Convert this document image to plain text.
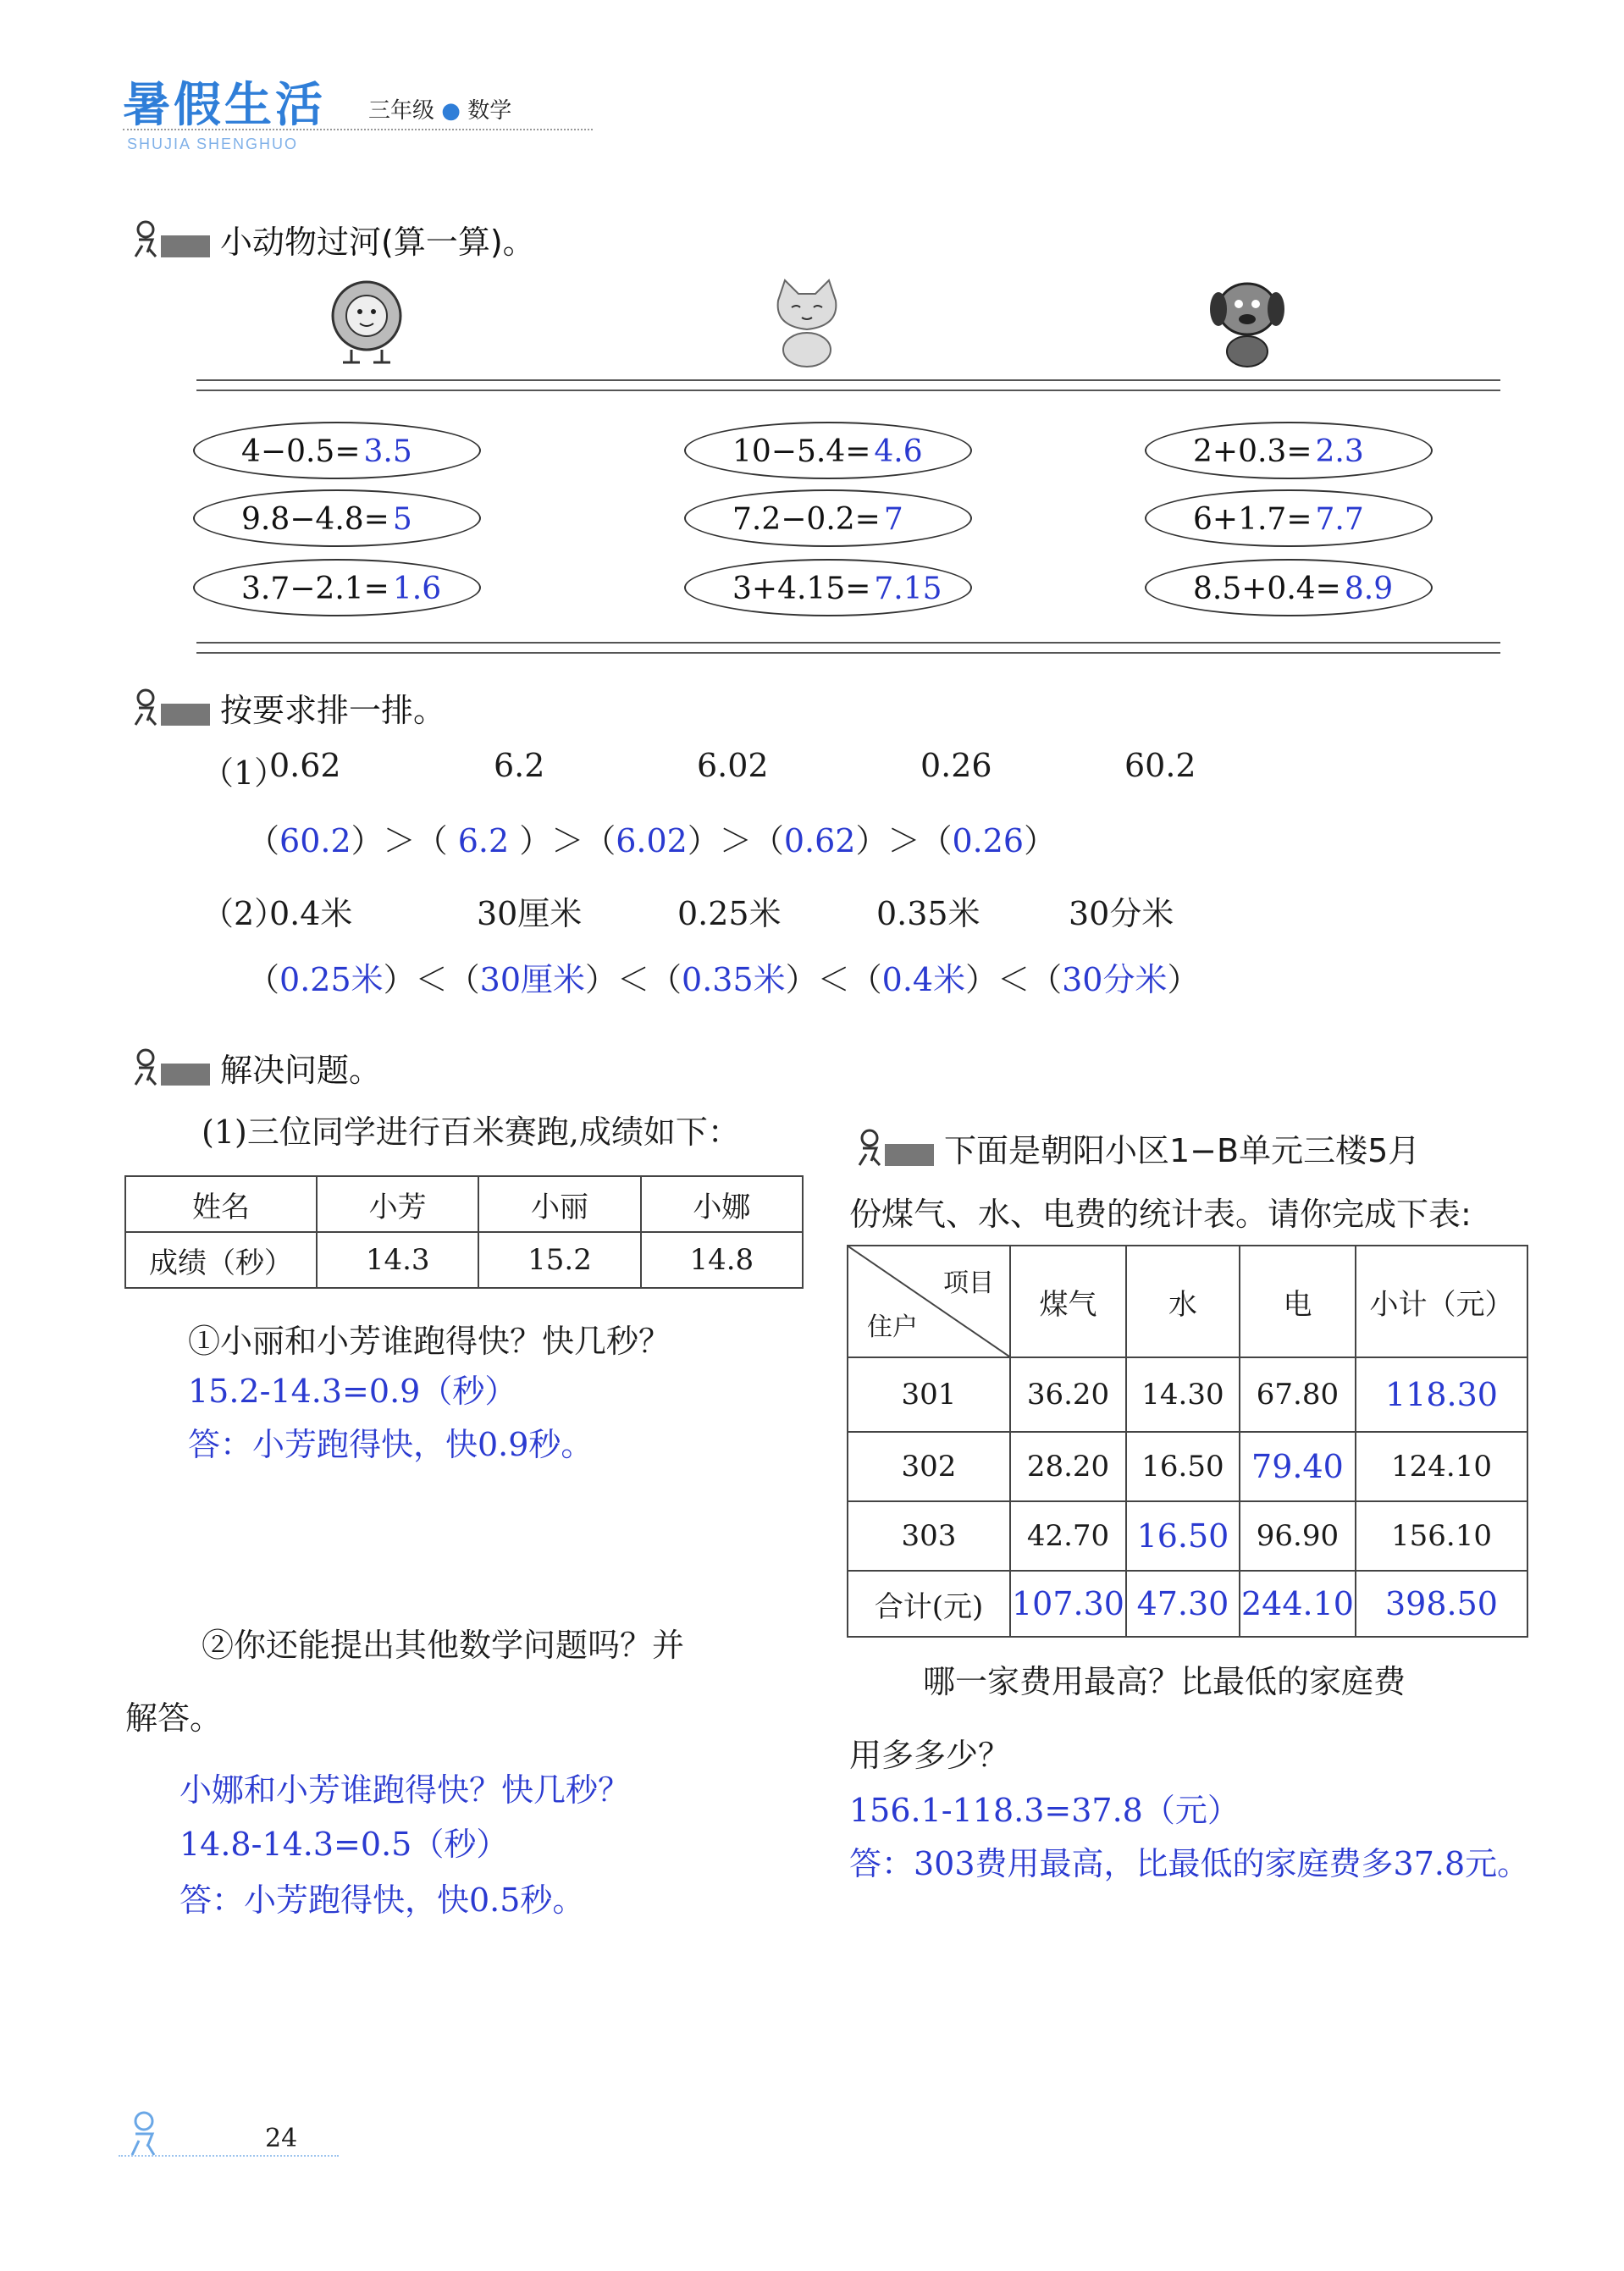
暑假生活
SHUJIA SHENGHUO
三年级 ● 数学
小动物过河(算一算)。
4−0.5= 3.5
9.8−4.8= 5
3.7−2.1= 1.6
10−5.4= 4.6
7.2−0.2= 7
3+4.15= 7.15
2+0.3= 2.3
6+1.7= 7.7
8.5+0.4= 8.9
按要求排一排。
（1）
0.62	6.2	6.02	0.26	60.2
（60.2）＞（ 6.2 ）＞（6.02）＞（0.62）＞（0.26）
（2）
0.4米	30厘米	0.25米	0.35米	30分米
（0.25米）＜（30厘米）＜（0.35米）＜（0.4米）＜（30分米）
解决问题。
(1)三位同学进行百米赛跑,成绩如下：
姓名	小芳	小丽	小娜
成绩（秒）	14.3	15.2	14.8
①小丽和小芳谁跑得快？快几秒？
15.2-14.3=0.9（秒）
答：小芳跑得快，快0.9秒。
②你还能提出其他数学问题吗？并
解答。
小娜和小芳谁跑得快？快几秒？
14.8-14.3=0.5（秒）
答：小芳跑得快，快0.5秒。
下面是朝阳小区1−B单元三楼5月
份煤气、水、电费的统计表。请你完成下表:
项目
住户	煤气	水	电	小计（元）
301	36.20	14.30	67.80	118.30
302	28.20	16.50	79.40	124.10
303	42.70	16.50	96.90	156.10
合计(元)	107.30	47.30	244.10	398.50
哪一家费用最高？比最低的家庭费
用多多少？
156.1-118.3=37.8（元）
答：303费用最高，比最低的家庭费多37.8元。
24
